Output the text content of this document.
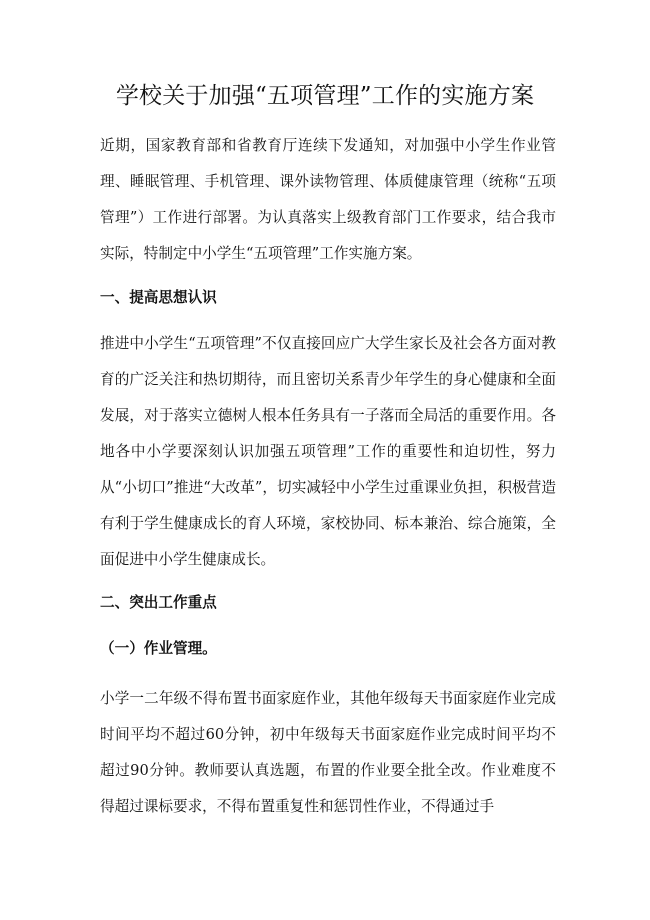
学校关于加强“五项管理”工作的实施方案

近期，国家教育部和省教育厅连续下发通知，对加强中小学生作业管理、睡眠管理、手机管理、课外读物管理、体质健康管理（统称“五项管理”）工作进行部署。为认真落实上级教育部门工作要求，结合我市实际，特制定中小学生“五项管理”工作实施方案。

一、提高思想认识

推进中小学生“五项管理”不仅直接回应广大学生家长及社会各方面对教育的广泛关注和热切期待，而且密切关系青少年学生的身心健康和全面发展，对于落实立德树人根本任务具有一子落而全局活的重要作用。各地各中小学要深刻认识加强五项管理”工作的重要性和迫切性，努力从“小切口”推进“大改革”，切实减轻中小学生过重课业负担，积极营造有利于学生健康成长的育人环境，家校协同、标本兼治、综合施策，全面促进中小学生健康成长。

二、突出工作重点
（一）作业管理。

小学一二年级不得布置书面家庭作业，其他年级每天书面家庭作业完成时间平均不超过60分钟，初中年级每天书面家庭作业完成时间平均不超过90分钟。教师要认真选题，布置的作业要全批全改。作业难度不得超过课标要求，不得布置重复性和惩罚性作业，不得通过手
